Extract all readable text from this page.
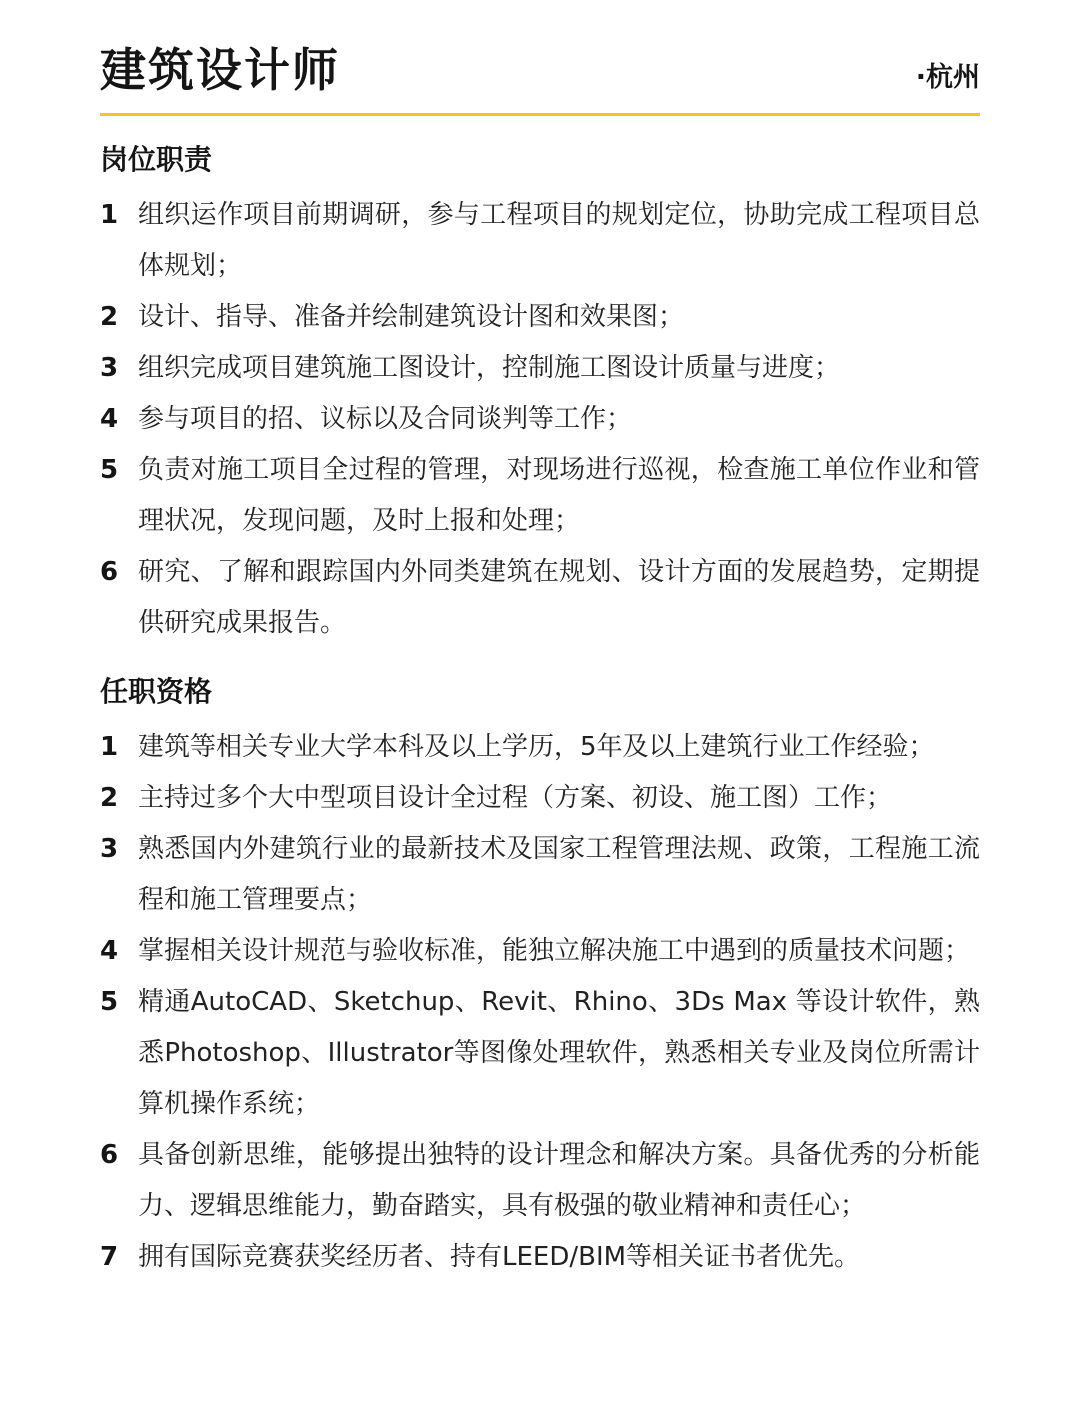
建筑设计师	·杭州
岗位职责
1 组织运作项目前期调研，参与工程项目的规划定位，协助完成工程项目总体规划；
2 设计、指导、准备并绘制建筑设计图和效果图；
3 组织完成项目建筑施工图设计，控制施工图设计质量与进度；
4 参与项目的招、议标以及合同谈判等工作；
5 负责对施工项目全过程的管理，对现场进行巡视，检查施工单位作业和管理状况，发现问题，及时上报和处理；
6 研究、了解和跟踪国内外同类建筑在规划、设计方面的发展趋势，定期提供研究成果报告。
任职资格
1 建筑等相关专业大学本科及以上学历，5年及以上建筑行业工作经验；
2 主持过多个大中型项目设计全过程（方案、初设、施工图）工作；
3 熟悉国内外建筑行业的最新技术及国家工程管理法规、政策，工程施工流程和施工管理要点；
4 掌握相关设计规范与验收标准，能独立解决施工中遇到的质量技术问题；
5 精通AutoCAD、Sketchup、Revit、Rhino、3Ds Max 等设计软件，熟悉Photoshop、Illustrator等图像处理软件，熟悉相关专业及岗位所需计算机操作系统；
6 具备创新思维，能够提出独特的设计理念和解决方案。具备优秀的分析能力、逻辑思维能力，勤奋踏实，具有极强的敬业精神和责任心；
7 拥有国际竞赛获奖经历者、持有LEED/BIM等相关证书者优先。
